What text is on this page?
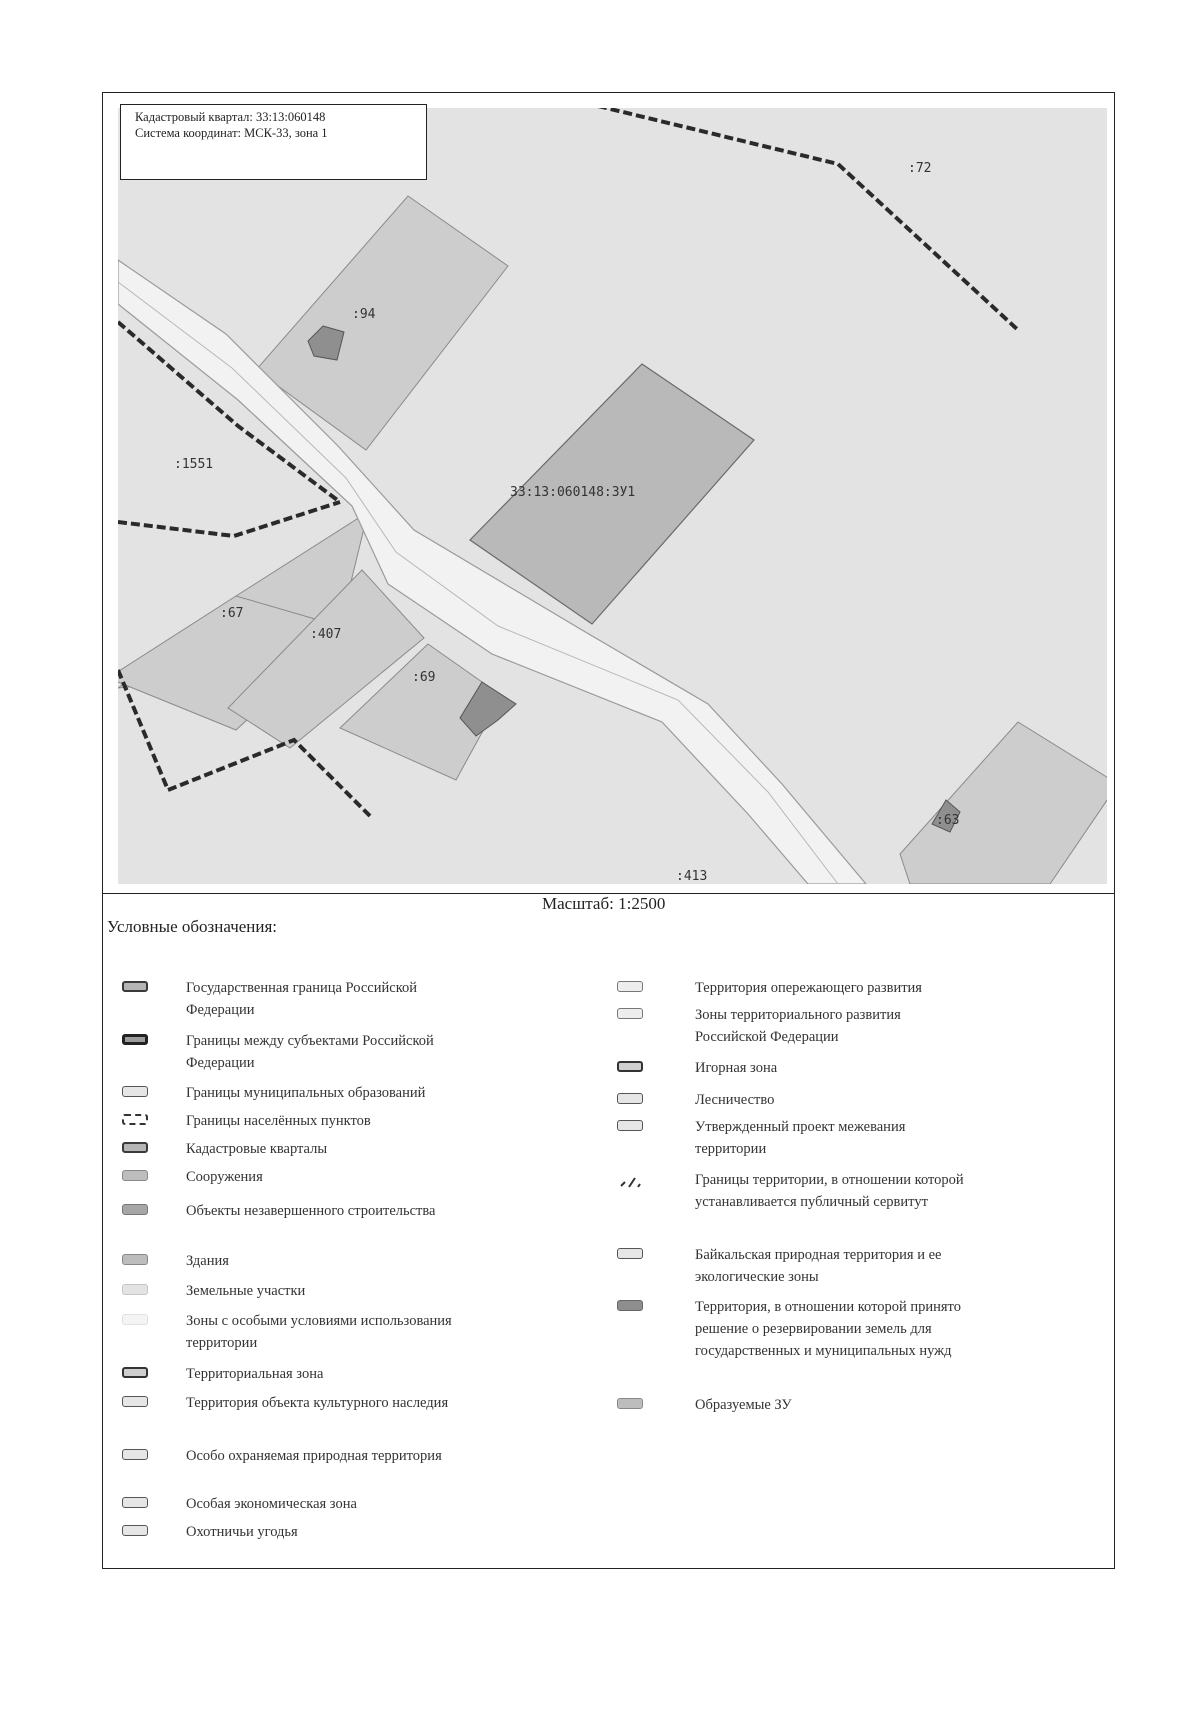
:72
:94
:1551
33:13:060148:ЗУ1
:67
:407
:69
:63
:413
Кадастровый квартал: 33:13:060148
Система координат: МСК-33, зона 1
Масштаб: 1:2500
Условные обозначения:
Государственная граница Российской Федерации
Границы между субъектами Российской Федерации
Границы муниципальных образований
Границы населённых пунктов
Кадастровые кварталы
Сооружения
Объекты незавершенного строительства
Здания
Земельные участки
Зоны с особыми условиями использования территории
Территориальная зона
Территория объекта культурного наследия
Особо охраняемая природная территория
Особая экономическая зона
Охотничьи угодья
Территория опережающего развития
Зоны территориального развития Российской Федерации
Игорная зона
Лесничество
Утвержденный проект межевания территории
Границы территории, в отношении которой устанавливается публичный сервитут
Байкальская природная территория и ее экологические зоны
Территория, в отношении которой принято решение о резервировании земель для государственных и муниципальных нужд
Образуемые ЗУ
